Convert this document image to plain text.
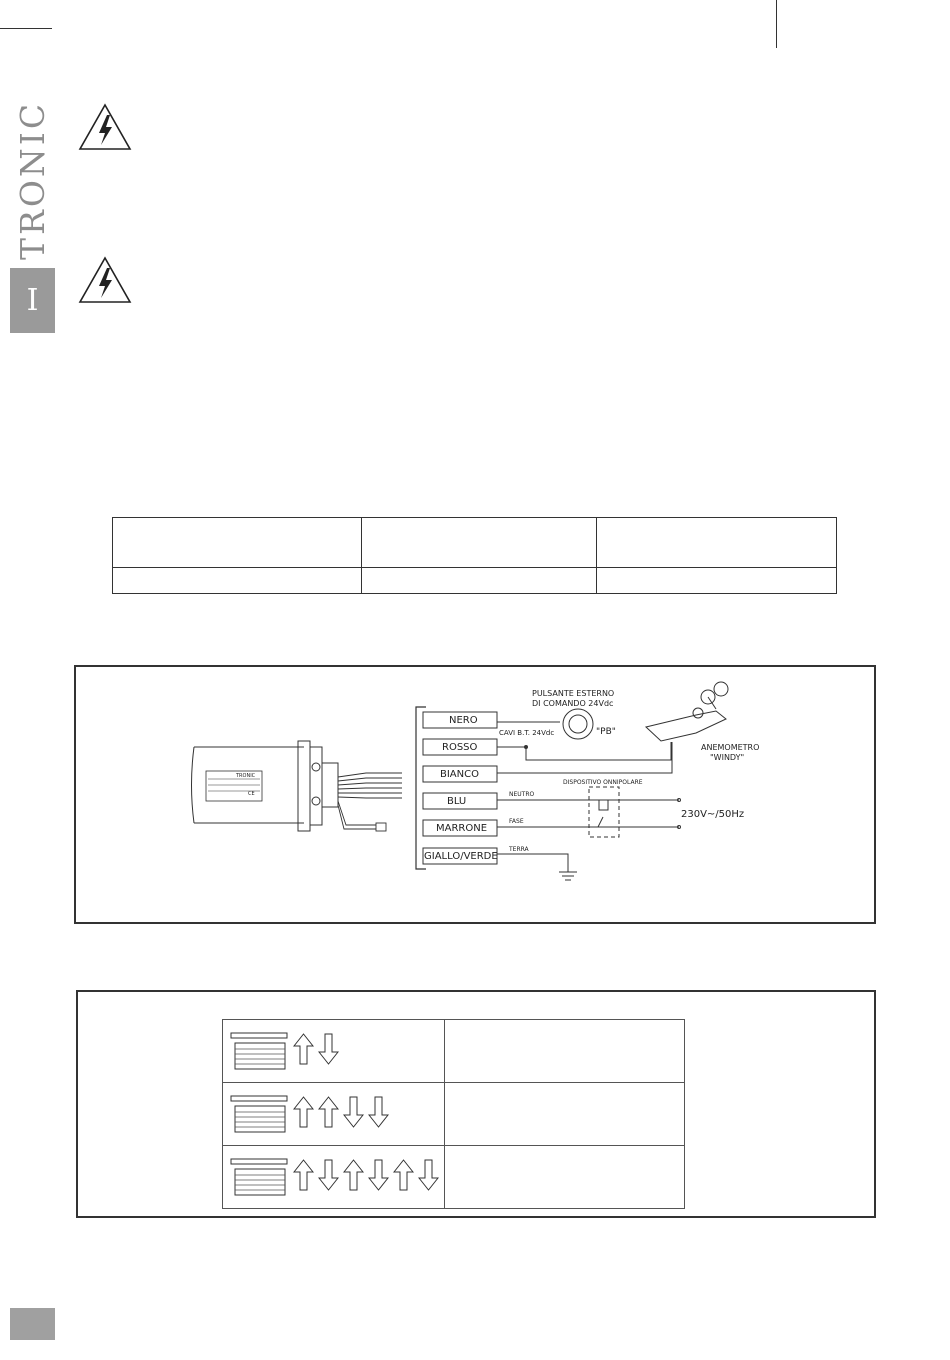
TRONIC
I

NERO
ROSSO
BIANCO
BLU
MARRONE
GIALLO/VERDE
PULSANTE ESTERNO
DI COMANDO 24Vdc
"PB"
CAVI B.T. 24Vdc
ANEMOMETRO
"WINDY"
DISPOSITIVO ONNIPOLARE
NEUTRO
FASE
TERRA
230V~/50Hz
TRONIC
CE
